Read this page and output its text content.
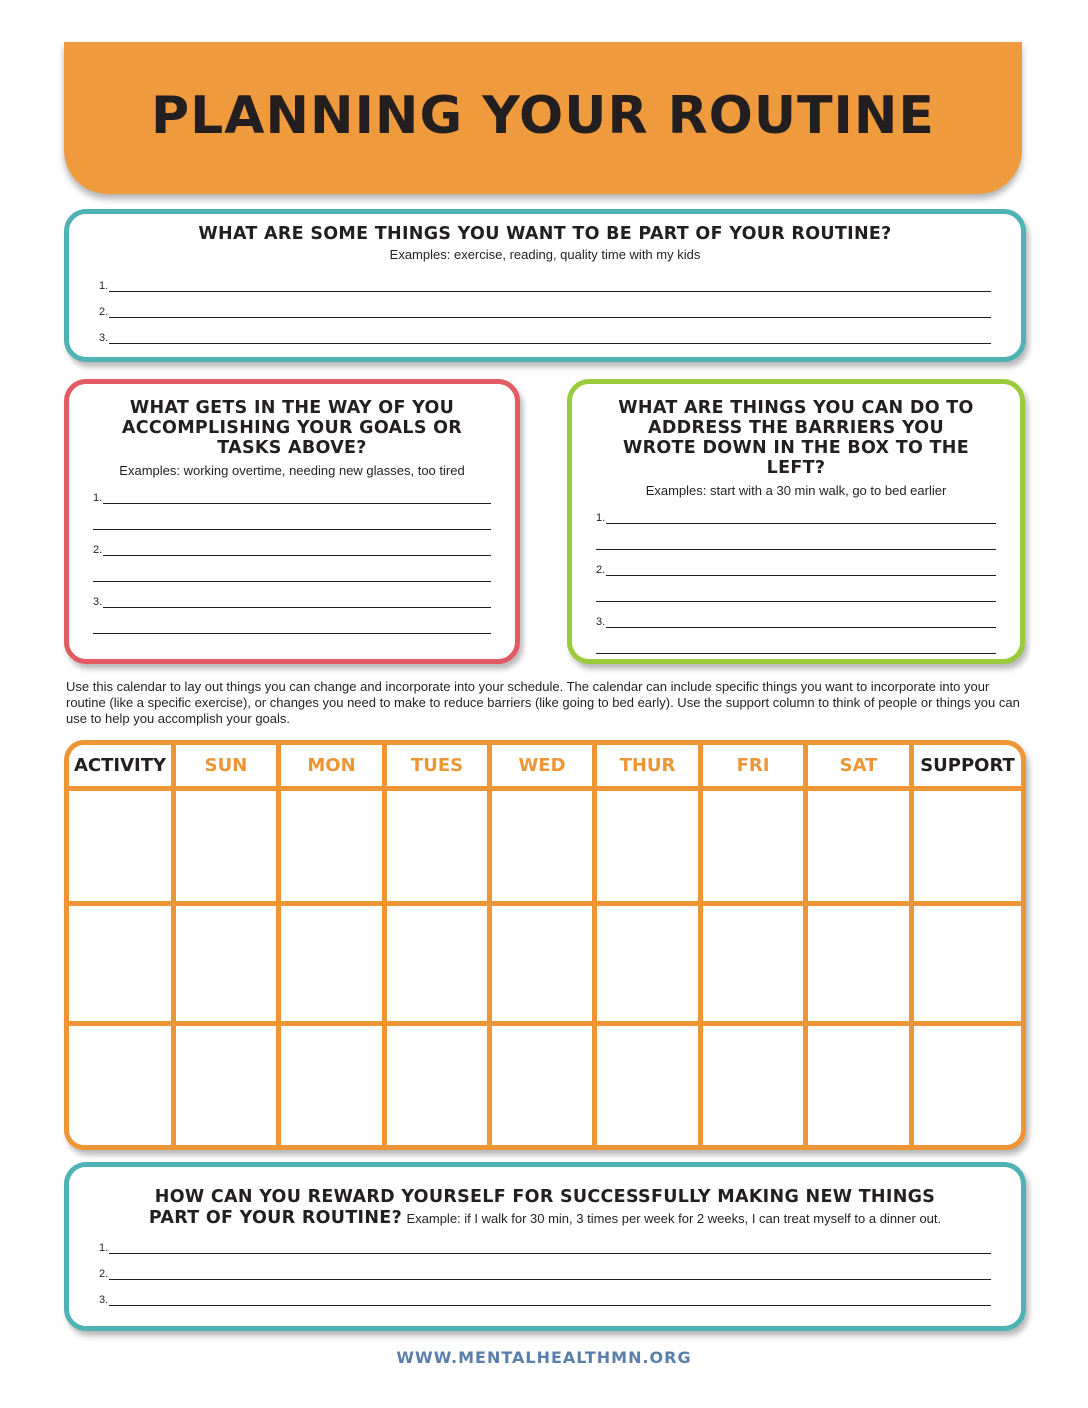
PLANNING YOUR ROUTINE
WHAT ARE SOME THINGS YOU WANT TO BE PART OF YOUR ROUTINE?
Examples: exercise, reading, quality time with my kids
1.
2.
3.
WHAT GETS IN THE WAY OF YOU ACCOMPLISHING YOUR GOALS OR TASKS ABOVE?
Examples: working overtime, needing new glasses, too tired
1.
2.
3.
WHAT ARE THINGS YOU CAN DO TO ADDRESS THE BARRIERS YOU WROTE DOWN IN THE BOX TO THE LEFT?
Examples: start with a 30 min walk, go to bed earlier
1.
2.
3.

Use this calendar to lay out things you can change and incorporate into your schedule. The calendar can include specific things you want to incorporate into your routine (like a specific exercise), or changes you need to make to reduce barriers (like going to bed early). Use the support column to think of people or things you can use to help you accomplish your goals.

ACTIVITY	SUN	MON	TUES	WED	THUR	FRI	SAT	SUPPORT
HOW CAN YOU REWARD YOURSELF FOR SUCCESSFULLY MAKING NEW THINGS
PART OF YOUR ROUTINE? Example: if I walk for 30 min, 3 times per week for 2 weeks, I can treat myself to a dinner out.
1.
2.
3.
WWW.MENTALHEALTHMN.ORG
